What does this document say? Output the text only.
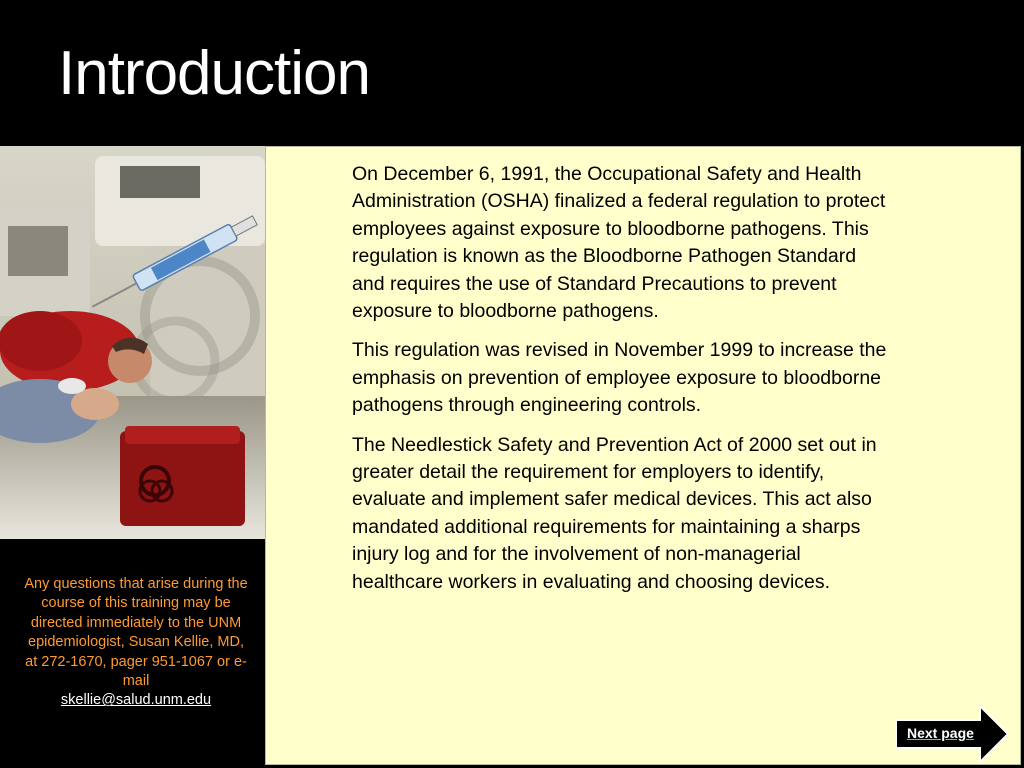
Introduction
Any questions that arise during the course of this training may be directed immediately to the UNM epidemiologist, Susan Kellie, MD, at 272-1670, pager 951-1067 or e-mail
skellie@salud.unm.edu

On December 6, 1991, the Occupational Safety and Health Administration (OSHA) finalized a federal regulation to protect employees against exposure to bloodborne pathogens. This regulation is known as the Bloodborne Pathogen Standard and requires the use of Standard Precautions to prevent exposure to bloodborne pathogens.

This regulation was revised in November 1999 to increase the emphasis on prevention of employee exposure to bloodborne pathogens through engineering controls.

The Needlestick Safety and Prevention Act of 2000 set out in greater detail the requirement for employers to identify, evaluate and implement safer medical devices. This act also mandated additional requirements for maintaining a sharps injury log and for the involvement of non-managerial healthcare workers in evaluating and choosing devices.

Next page
